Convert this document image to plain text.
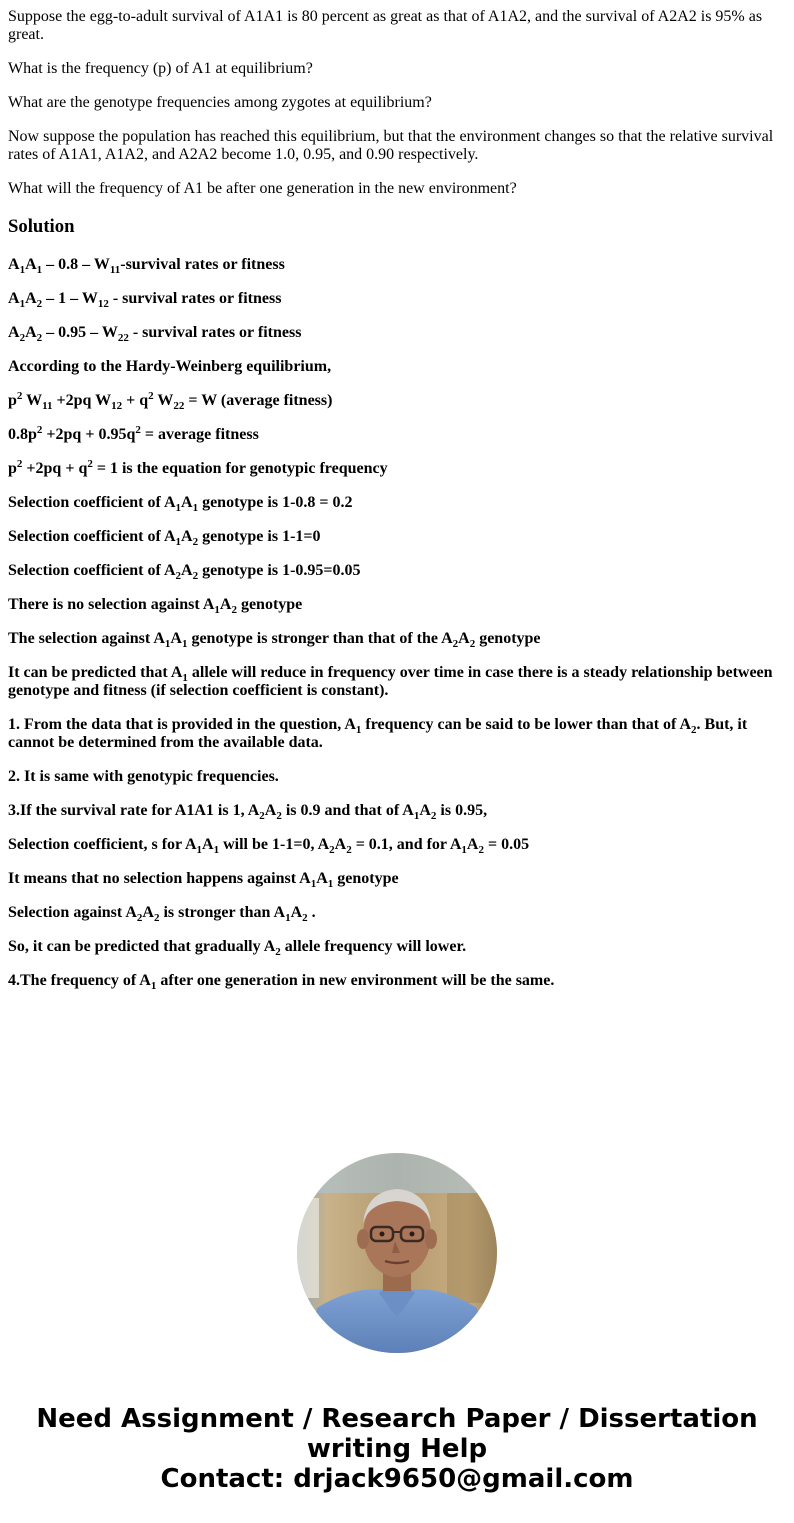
Suppose the egg-to-adult survival of A1A1 is 80 percent as great as that of A1A2, and the survival of A2A2 is 95% as great.

What is the frequency (p) of A1 at equilibrium?

What are the genotype frequencies among zygotes at equilibrium?

Now suppose the population has reached this equilibrium, but that the environment changes so that the relative survival rates of A1A1, A1A2, and A2A2 become 1.0, 0.95, and 0.90 respectively.

What will the frequency of A1 be after one generation in the new environment?

Solution

$A_1A_1 - 0.8$ – $W_{11}$-survival rates or fitness

$A_1A_2 - 1 - W_{12}$ - survival rates or fitness

$A_2A_2 - 0.95 - W_{22}$ - survival rates or fitness

According to the Hardy-Weinberg equilibrium,

$p^2$ $W_{11} +2pq$ $W_{12} + q^2$ $W_{22} = W$ (average fitness)

$0.8p^2 +2pq + 0.95q^2$ = average fitness

$p^2 +2pq + q^2 = 1$ is the equation for genotypic frequency

Selection coefficient of $A_1A_1$ genotype is 1-0.8 = 0.2

Selection coefficient of $A_1A_2$ genotype is 1-1=0

Selection coefficient of $A_2A_2$ genotype is 1-0.95=0.05

There is no selection against $A_1A_2$ genotype

The selection against $A_1A_1$ genotype is stronger than that of the $A_2A_2$ genotype

It can be predicted that $A_1$ allele will reduce in frequency over time in case there is a steady relationship between genotype and fitness (if selection coefficient is constant).

1. From the data that is provided in the question, $A_1$ frequency can be said to be lower than that of $A_2$. But, it cannot be determined from the available data.

2. It is same with genotypic frequencies.

3.If the survival rate for A1A1 is 1, $A_2A_2$ is 0.9 and that of $A_1A_2$ is 0.95,

Selection coefficient, s for $A_1A_1$ will be 1-1=0, $A_2A_2 = 0.1$, and for $A_1A_2 = 0.05$

It means that no selection happens against $A_1A_1$ genotype

Selection against $A_2A_2$ is stronger than $A_1A_2$ .

So, it can be predicted that gradually $A_2$ allele frequency will lower.

4.The frequency of $A_1$ after one generation in new environment will be the same.

Need Assignment / Research Paper / Dissertation
writing Help
Contact: drjack9650@gmail.com
